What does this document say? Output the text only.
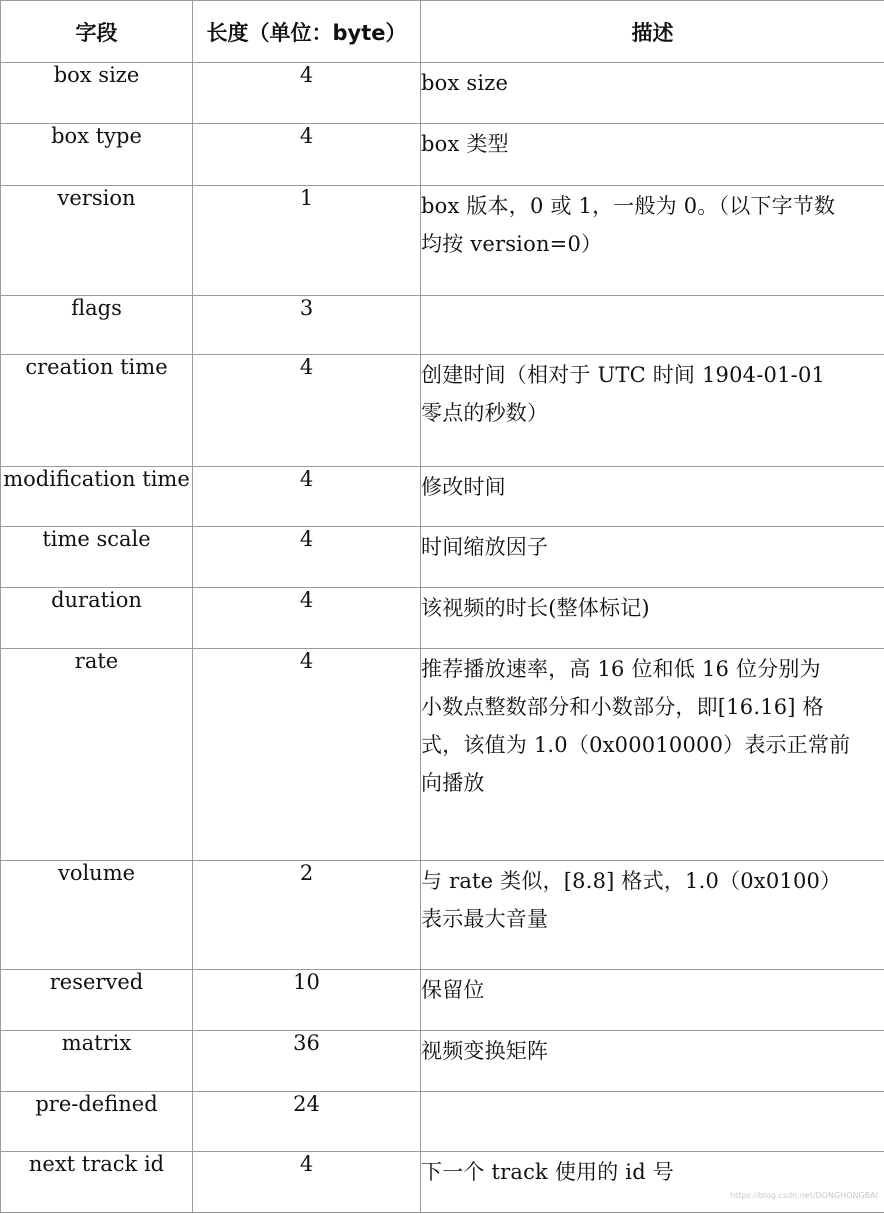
字段	长度（单位：byte）	描述
box size	4	box size

box type	4	box 类型

version	1	box 版本，0 或 1，一般为 0。（以下字节数
均按 version=0）

flags	3	
creation time	4	创建时间（相对于 UTC 时间 1904-01-01
零点的秒数）

modification time	4	修改时间

time scale	4	时间缩放因子

duration	4	该视频的时长(整体标记)

rate	4	推荐播放速率，高 16 位和低 16 位分别为
小数点整数部分和小数部分，即[16.16] 格
式，该值为 1.0（0x00010000）表示正常前
向播放

volume	2	与 rate 类似，[8.8] 格式，1.0（0x0100）
表示最大音量

reserved	10	保留位

matrix	36	视频变换矩阵

pre-defined	24	
next track id	4	下一个 track 使用的 id 号
https://blog.csdn.net/DONGHONGBAI
